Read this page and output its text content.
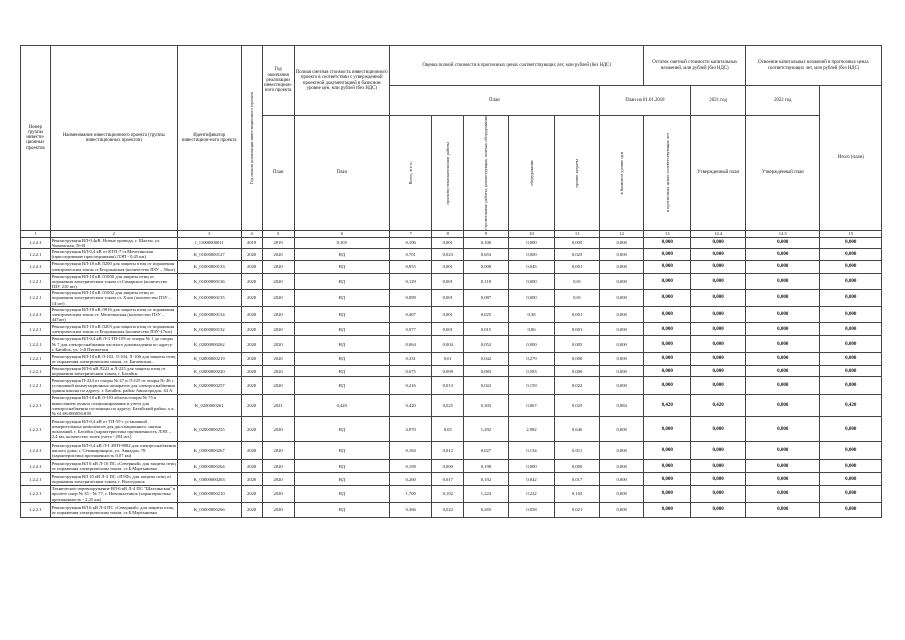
Номер группы инвести-ционных проектов	Наименование инвестиционного проекта (группы инвестиционных проектов)	Идентификатор инвестицион-ного проекта	Год начала реализации инвестиционного проекта	Год окончания реализации инвестицион-ного проекта	Полная сметная стоимость инвестиционного проекта в соответствии с утвержденной проектной документацией в базисном уровне цен, млн рублей (без НДС)	Оценка полной стоимости в прогнозных ценах соответствующих лет, млн рублей (без НДС)						Остаток сметной стоимости капитальных вложений, млн рублей (без НДС)		Освоение капитальных вложений в прогнозных ценах соответствующих лет, млн рублей (без НДС)	
						План					План на 01.01.2018		2021 год	2022 год	Итого (план)
				План	План	Всего, в т.ч.:	проектно-изыскательские работы	строительные работы, реконструкция, монтаж оборудования	оборудование	прочие затраты	в базисном уровне цен	в прогнозных ценах соответствующих лет	Утвержденный план	Утвержденный план	
1	2	3	4	5	6	7	8	9	10	11	12	13	14.4	14.5	15
1.2.2.1	Реконструкция ВЛ-0,4кВ. Новые провода, г. Шахты, ул. Чапаевская, 56-В	J_11000000011	2019	2019	0,105	0,106	0,001	0,100	0,000	0,005	0,000	0,000	0,000	0,000	0,000
1.2.2.1	Реконструкция ВЛ-0,4 кВ от КТП-7 ст.Мечетинская (присоединение присоединения) ЛЭП - 0,45 км)	K_01000000127	2020	2020	НД	0,701	0,023	0,653	0,000	0,025	0,000	0,000	0,000	0,000	0,000
1.2.2.1	Реконструкция ВЛ-10 кВ Л200 для защиты птиц от поражения электрическим током ст.Егорлыкская (количество ПЗУ – 50шт)	K_01000000133	2020	2020	НД	0,055	0,001	0,008	0,045	0,001	0,000	0,000	0,000	0,000	0,000
1.2.2.1	Реконструкция ВЛ-10 кВ Л1000 для защиты птиц от поражения электрическим током ст.Самарское (количество ПЗУ 210 шт)	K_01000000136	2020	2020	НД	0,129	0,001	0,118	0,000	0,01	0,000	0,000	0,000	0,000	0,000
1.2.2.1	Реконструкция ВЛ-10 кВ Л1002 для защиты птиц от поражения электрическим током ст. Хлов (количество ПЗУ – 14 шт)	K_01000000135	2020	2020	НД	0,099	0,001	0,087	0,000	0,01	0,000	0,000	0,000	0,000	0,000
1.2.2.1	Реконструкция ВЛ-10 кВ Л916 для защиты птиц от поражения электрическим током ст. Мечетинская (количество ПЗУ – 447шт)	K_01000000134	2020	2020	НД	0,407	0,001	0,025	0,38	0,001	0,000	0,000	0,000	0,000	0,000
1.2.2.1	Реконструкция ВЛ-10 кВ Л203 для защиты птиц от поражения электрическим током ст.Егорлыкская (количество ПЗУ-17шт)	K_01000000132	2020	2020	НД	0,077	0,001	0,015	0,06	0,001	0,000	0,000	0,000	0,000	0,000
1.2.2.1	Реконструкция ВЛ-0,4 кВ Л-3 ТП-159 от опоры № 1 до опоры № 7 для электроснабжения частного домовладения по адресу: г. Батайск, ул. 1-й Пятилетки	K_02000000262	2020	2020	НД	0,064	0,004	0,052	0,000	0,005	0,000	0,000	0,000	0,000	0,000
1.2.2.1	Реконструкция ВЛ-10 кВ Л-102, Л-104, Л-106 для защиты птиц от поражения электрическим током, ст. Багаевская...	K_02000000219	2020	2020	НД	0,331	0,01	0,042	0,279	0,000	0,000	0,000	0,000	0,000	0,000
1.2.2.1	Реконструкция ВЛ-6 кВ Л222 и Л-225 для защиты птиц от поражения электрическим током, г. Батайск	K_02000000220	2020	2020	НД	0,675	0,009	0,083	0,583	0,000	0,000	0,000	0,000	0,000	0,000
1.2.2.1	Реконструкция П-224 от опоры № 47 и Л-225 от опоры № 46 с установкой коммутационных аппаратов для электроснабжения здания школы по адресу: г. Батайск, район Авиагородок, 44 А	K_02000000257	2020	2020	НД	0,216	0,013	0,022	0,159	0,022	0,000	0,000	0,000	0,000	0,000
1.2.2.1	Реконструкция ВЛ-10 кВ Л-103 яблочь-опоры № 75 в вынесением пункта секционирования и учета для электроснабжения гостиницы по адресу: Батайский район, х.к. № 61:06:060056:839	K_0200000261	2020	2021	0,420	0,420	0,025	0,303	0,067	0,025	0,084	0,420	0,420	0,000	0,420
1.2.2.1	Реконструкция ВЛ-0,4 кВ от ТП-59 с установкой измерительных комплексов для дистанционного снятия показаний, г. Батайск (характеристика протяженность ЛЭП – 2,4 км, количество точек учета - 294 шт.)	K_02000000255	2020	2020	НД	4,970	0,05	1,292	2,982	0,646	0,000	0,000	0,000	0,000	0,000
1.2.2.1	Реконструкция ВЛ-0,4 кВ Л-1 ЗПП-9082 для электроснабжения жилого дома, г. Семикаракорск, ул. Авиадон, 78 (характеристика протяженность 0,07 км)	K_03000000267	2020	2020	НД	0,184	0,012	0,027	0,134	0,011	0,000	0,000	0,000	0,000	0,000
1.2.2.1	Реконструкция ВЛ 6 кВ Л-10 ПС «Северный» для защиты птиц от поражения электрическим током, ст.Б.Мартыновка	K_03000000264	2020	2020	НД	0,198	0,000	0,198	0,000	0,000	0,000	0,000	0,000	0,000	0,000
1.2.2.1	Реконструкция ВЛ 10 кВ Л-3 ПС «ПТФ» для защиты птиц от поражения электрическим током, г. Волгодонск	K_03000000263	2020	2020	НД	0,260	0,017	0,192	0,042	0,017	0,000	0,000	0,000	0,000	0,000
1.2.2.1	Техническое перевооружение ВЛ-6 кВ Л-4 ПС "Шахтинская" в пролёте опор № 35 - № 77, г. Новошахтинск (характеристика протяженность - 2,25 км)	K_03000000210	2020	2020	НД	1,700	0,102	1,224	0,222	0,102	0,000	0,000	0,000	0,000	0,000
1.2.2.1	Реконструкция ВЛ 6 кВ Л-4 ПС «Северный» для защиты птиц от поражения электрическим током, ст.Б.Мартыновка	K_03000000266	2020	2020	НД	0,366	0,022	0,265	0,058	0,021	0,000	0,000	0,000	0,000	0,000
